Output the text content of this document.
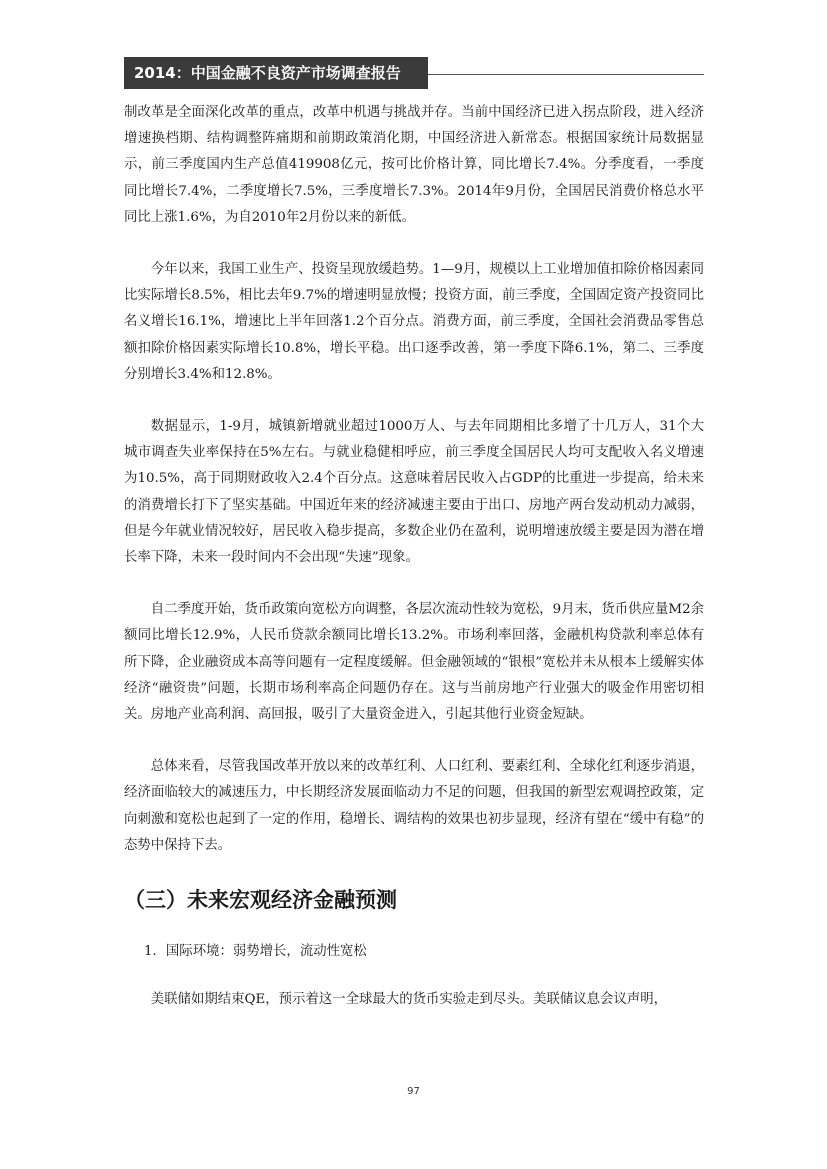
2014：中国金融不良资产市场调查报告

制改革是全面深化改革的重点，改革中机遇与挑战并存。当前中国经济已进入拐点阶段，进入经济增速换档期、结构调整阵痛期和前期政策消化期，中国经济进入新常态。根据国家统计局数据显示，前三季度国内生产总值419908亿元，按可比价格计算，同比增长7.4%。分季度看，一季度同比增长7.4%，二季度增长7.5%，三季度增长7.3%。2014年9月份，全国居民消费价格总水平同比上涨1.6%，为自2010年2月份以来的新低。

今年以来，我国工业生产、投资呈现放缓趋势。1—9月，规模以上工业增加值扣除价格因素同比实际增长8.5%，相比去年9.7%的增速明显放慢；投资方面，前三季度，全国固定资产投资同比名义增长16.1%，增速比上半年回落1.2个百分点。消费方面，前三季度，全国社会消费品零售总额扣除价格因素实际增长10.8%，增长平稳。出口逐季改善，第一季度下降6.1%，第二、三季度分别增长3.4%和12.8%。

数据显示，1-9月，城镇新增就业超过1000万人、与去年同期相比多增了十几万人，31个大城市调查失业率保持在5%左右。与就业稳健相呼应，前三季度全国居民人均可支配收入名义增速为10.5%，高于同期财政收入2.4个百分点。这意味着居民收入占GDP的比重进一步提高，给未来的消费增长打下了坚实基础。中国近年来的经济减速主要由于出口、房地产两台发动机动力减弱，但是今年就业情况较好，居民收入稳步提高，多数企业仍在盈利，说明增速放缓主要是因为潜在增长率下降，未来一段时间内不会出现“失速”现象。

自二季度开始，货币政策向宽松方向调整，各层次流动性较为宽松，9月末，货币供应量M2余额同比增长12.9%，人民币贷款余额同比增长13.2%。市场利率回落，金融机构贷款利率总体有所下降，企业融资成本高等问题有一定程度缓解。但金融领域的“银根”宽松并未从根本上缓解实体经济“融资贵”问题，长期市场利率高企问题仍存在。这与当前房地产行业强大的吸金作用密切相关。房地产业高利润、高回报，吸引了大量资金进入，引起其他行业资金短缺。

总体来看，尽管我国改革开放以来的改革红利、人口红利、要素红利、全球化红利逐步消退，经济面临较大的减速压力，中长期经济发展面临动力不足的问题，但我国的新型宏观调控政策，定向刺激和宽松也起到了一定的作用，稳增长、调结构的效果也初步显现，经济有望在“缓中有稳”的态势中保持下去。

（三）未来宏观经济金融预测

1．国际环境：弱势增长，流动性宽松

美联储如期结束QE，预示着这一全球最大的货币实验走到尽头。美联储议息会议声明，

97
